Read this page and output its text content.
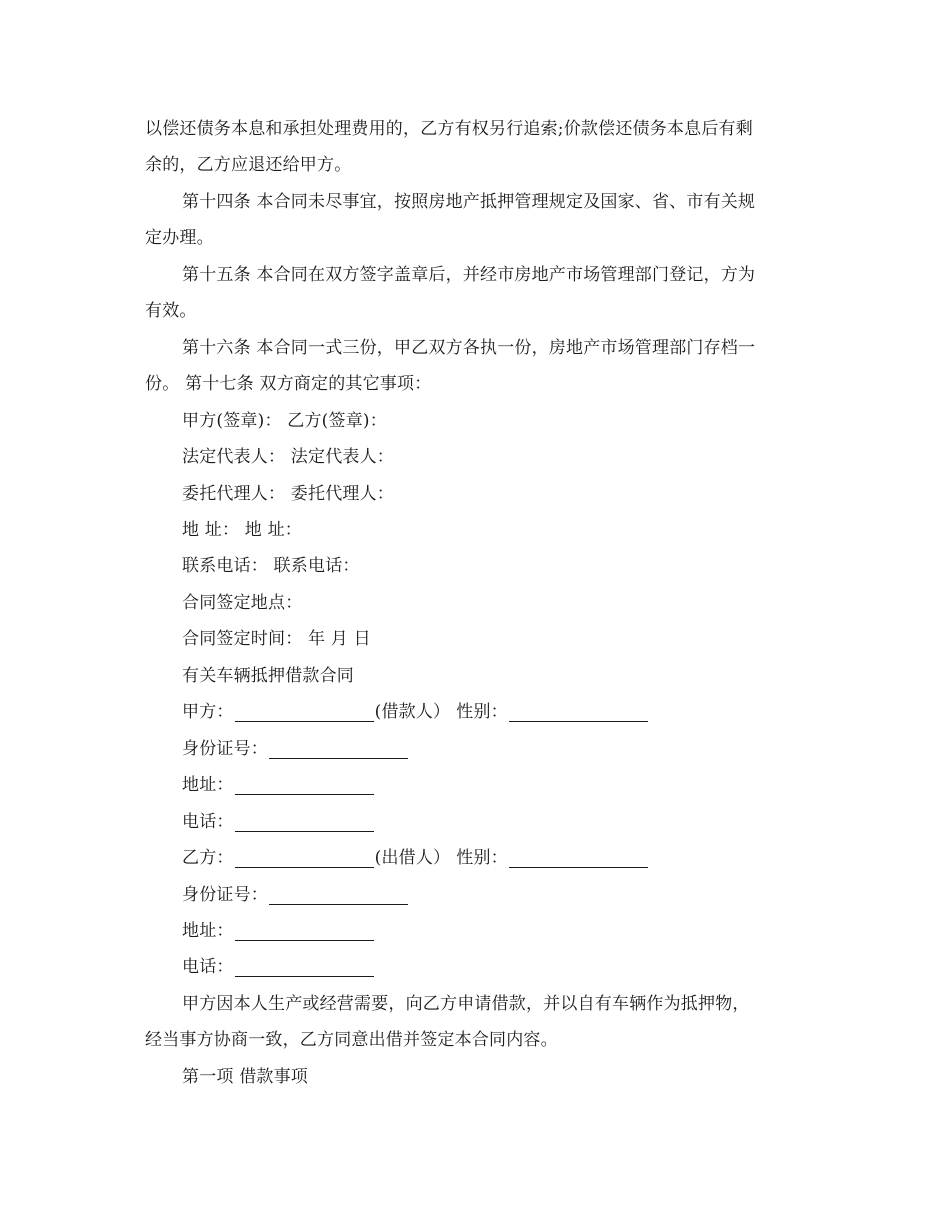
以偿还债务本息和承担处理费用的，乙方有权另行追索;价款偿还债务本息后有剩
余的，乙方应退还给甲方。
第十四条 本合同未尽事宜，按照房地产抵押管理规定及国家、省、市有关规
定办理。
第十五条 本合同在双方签字盖章后，并经市房地产市场管理部门登记，方为
有效。
第十六条 本合同一式三份，甲乙双方各执一份，房地产市场管理部门存档一
份。 第十七条 双方商定的其它事项：
甲方(签章)： 乙方(签章)：
法定代表人： 法定代表人：
委托代理人： 委托代理人：
地 址： 地 址：
联系电话： 联系电话：
合同签定地点：
合同签定时间： 年 月 日
有关车辆抵押借款合同
甲方：	(借款人） 性别：
身份证号：
地址：
电话：
乙方：	(出借人） 性别：
身份证号：
地址：
电话：
甲方因本人生产或经营需要，向乙方申请借款，并以自有车辆作为抵押物，
经当事方协商一致，乙方同意出借并签定本合同内容。
第一项 借款事项
